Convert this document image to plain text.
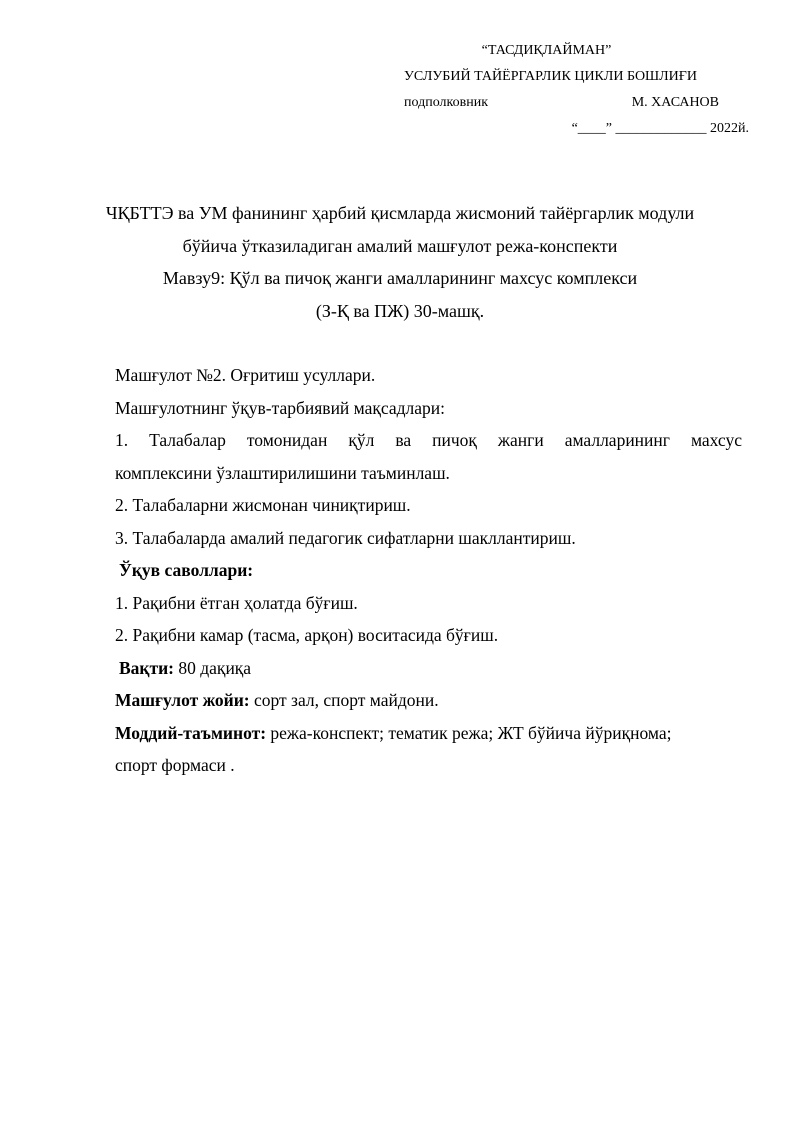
“ТАСДИҚЛАЙМАН”
УСЛУБИЙ ТАЙЁРГАРЛИК ЦИКЛИ БОШЛИҒИ
подполковник	М. ХАСАНОВ
“____” _____________ 2022й.
ЧҚБТТЭ ва УМ фанининг ҳарбий қисмларда жисмоний тайёргарлик модули
бўйича ўтказиладиган амалий машғулот режа-конспекти
Мавзу9: Қўл ва пичоқ жанги амалларининг махсус комплекси
(З-Қ ва ПЖ) 30-машқ.

Машғулот №2. Оғритиш усуллари.

Машғулотнинг ўқув-тарбиявий мақсадлари:

1. Талабалар томонидан қўл ва пичоқ жанги амалларининг махсус
комплексини ўзлаштирилишини таъминлаш.

2. Талабаларни жисмонан чиниқтириш.

3. Талабаларда амалий педагогик сифатларни шакллантириш.

Ўқув саволлари:

1. Рақибни ётган ҳолатда бўғиш.

2. Рақибни камар (тасма, арқон) воситасида бўғиш.

Вақти: 80 дақиқа

Машғулот жойи: сорт зал, спорт майдони.

Моддий-таъминот: режа-конспект; тематик режа; ЖТ бўйича йўриқнома;

спорт формаси .
